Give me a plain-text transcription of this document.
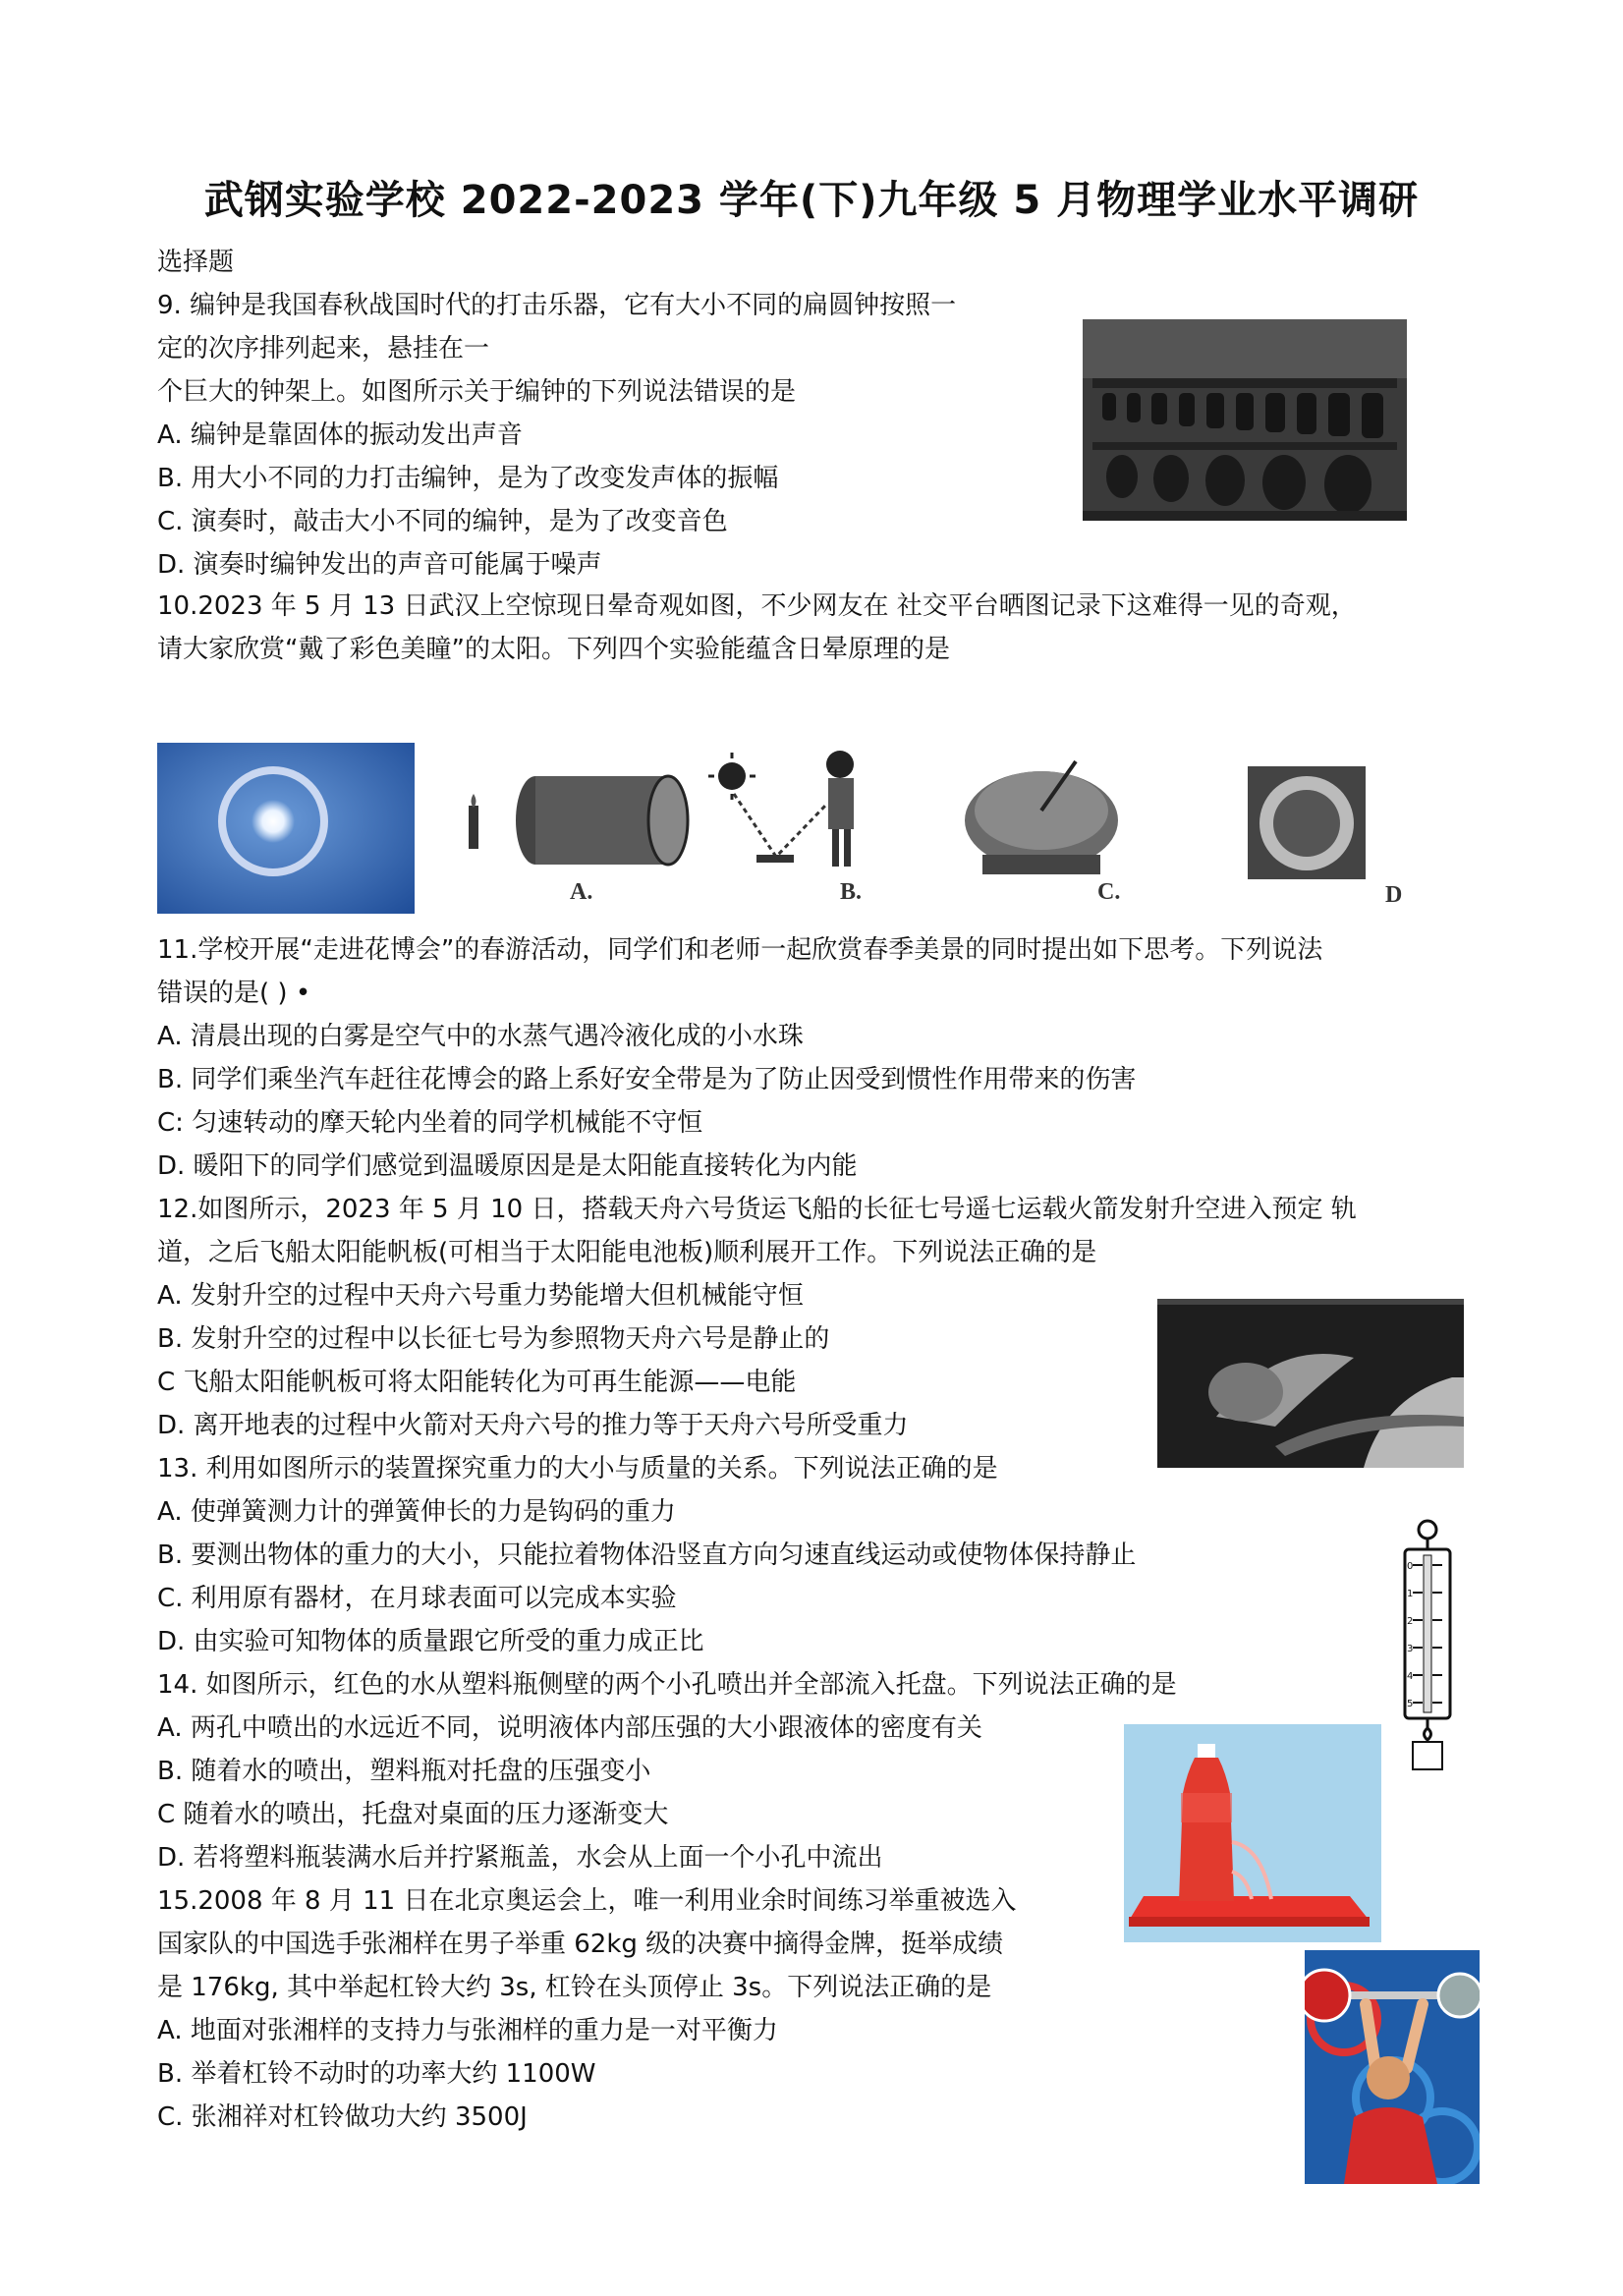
武钢实验学校 2022-2023 学年(下)九年级 5 月物理学业水平调研
选择题
9. 编钟是我国春秋战国时代的打击乐器，它有大小不同的扁圆钟按照一
定的次序排列起来，悬挂在一
个巨大的钟架上。如图所示关于编钟的下列说法错误的是
A. 编钟是靠固体的振动发出声音
B. 用大小不同的力打击编钟，是为了改变发声体的振幅
C. 演奏时，敲击大小不同的编钟，是为了改变音色
D. 演奏时编钟发出的声音可能属于噪声
10.2023 年 5 月 13 日武汉上空惊现日晕奇观如图，不少网友在 社交平台晒图记录下这难得一见的奇观，
请大家欣赏“戴了彩色美瞳”的太阳。下列四个实验能蕴含日晕原理的是
A.	B.	C.	D
11.学校开展“走进花博会”的春游活动，同学们和老师一起欣赏春季美景的同时提出如下思考。下列说法
错误的是( ) •
A. 清晨出现的白雾是空气中的水蒸气遇冷液化成的小水珠
B. 同学们乘坐汽车赶往花博会的路上系好安全带是为了防止因受到惯性作用带来的伤害
C: 匀速转动的摩天轮内坐着的同学机械能不守恒
D. 暖阳下的同学们感觉到温暖原因是是太阳能直接转化为内能
12.如图所示，2023 年 5 月 10 日，搭载天舟六号货运飞船的长征七号遥七运载火箭发射升空进入预定 轨
道，之后飞船太阳能帆板(可相当于太阳能电池板)顺利展开工作。下列说法正确的是
A. 发射升空的过程中天舟六号重力势能增大但机械能守恒
B. 发射升空的过程中以长征七号为参照物天舟六号是静止的
C 飞船太阳能帆板可将太阳能转化为可再生能源——电能
D. 离开地表的过程中火箭对天舟六号的推力等于天舟六号所受重力
13. 利用如图所示的装置探究重力的大小与质量的关系。下列说法正确的是
A. 使弹簧测力计的弹簧伸长的力是钩码的重力
B. 要测出物体的重力的大小，只能拉着物体沿竖直方向匀速直线运动或使物体保持静止
C. 利用原有器材，在月球表面可以完成本实验
D. 由实验可知物体的质量跟它所受的重力成正比
0
1
2
3
4
5
14. 如图所示，红色的水从塑料瓶侧壁的两个小孔喷出并全部流入托盘。下列说法正确的是
A. 两孔中喷出的水远近不同，说明液体内部压强的大小跟液体的密度有关
B. 随着水的喷出，塑料瓶对托盘的压强变小
C 随着水的喷出，托盘对桌面的压力逐渐变大
D. 若将塑料瓶装满水后并拧紧瓶盖，水会从上面一个小孔中流出
15.2008 年 8 月 11 日在北京奥运会上，唯一利用业余时间练习举重被选入
国家队的中国选手张湘样在男子举重 62kg 级的决赛中摘得金牌，挺举成绩
是 176kg, 其中举起杠铃大约 3s, 杠铃在头顶停止 3s。下列说法正确的是
A. 地面对张湘样的支持力与张湘样的重力是一对平衡力
B. 举着杠铃不动时的功率大约 1100W
C. 张湘祥对杠铃做功大约 3500J
